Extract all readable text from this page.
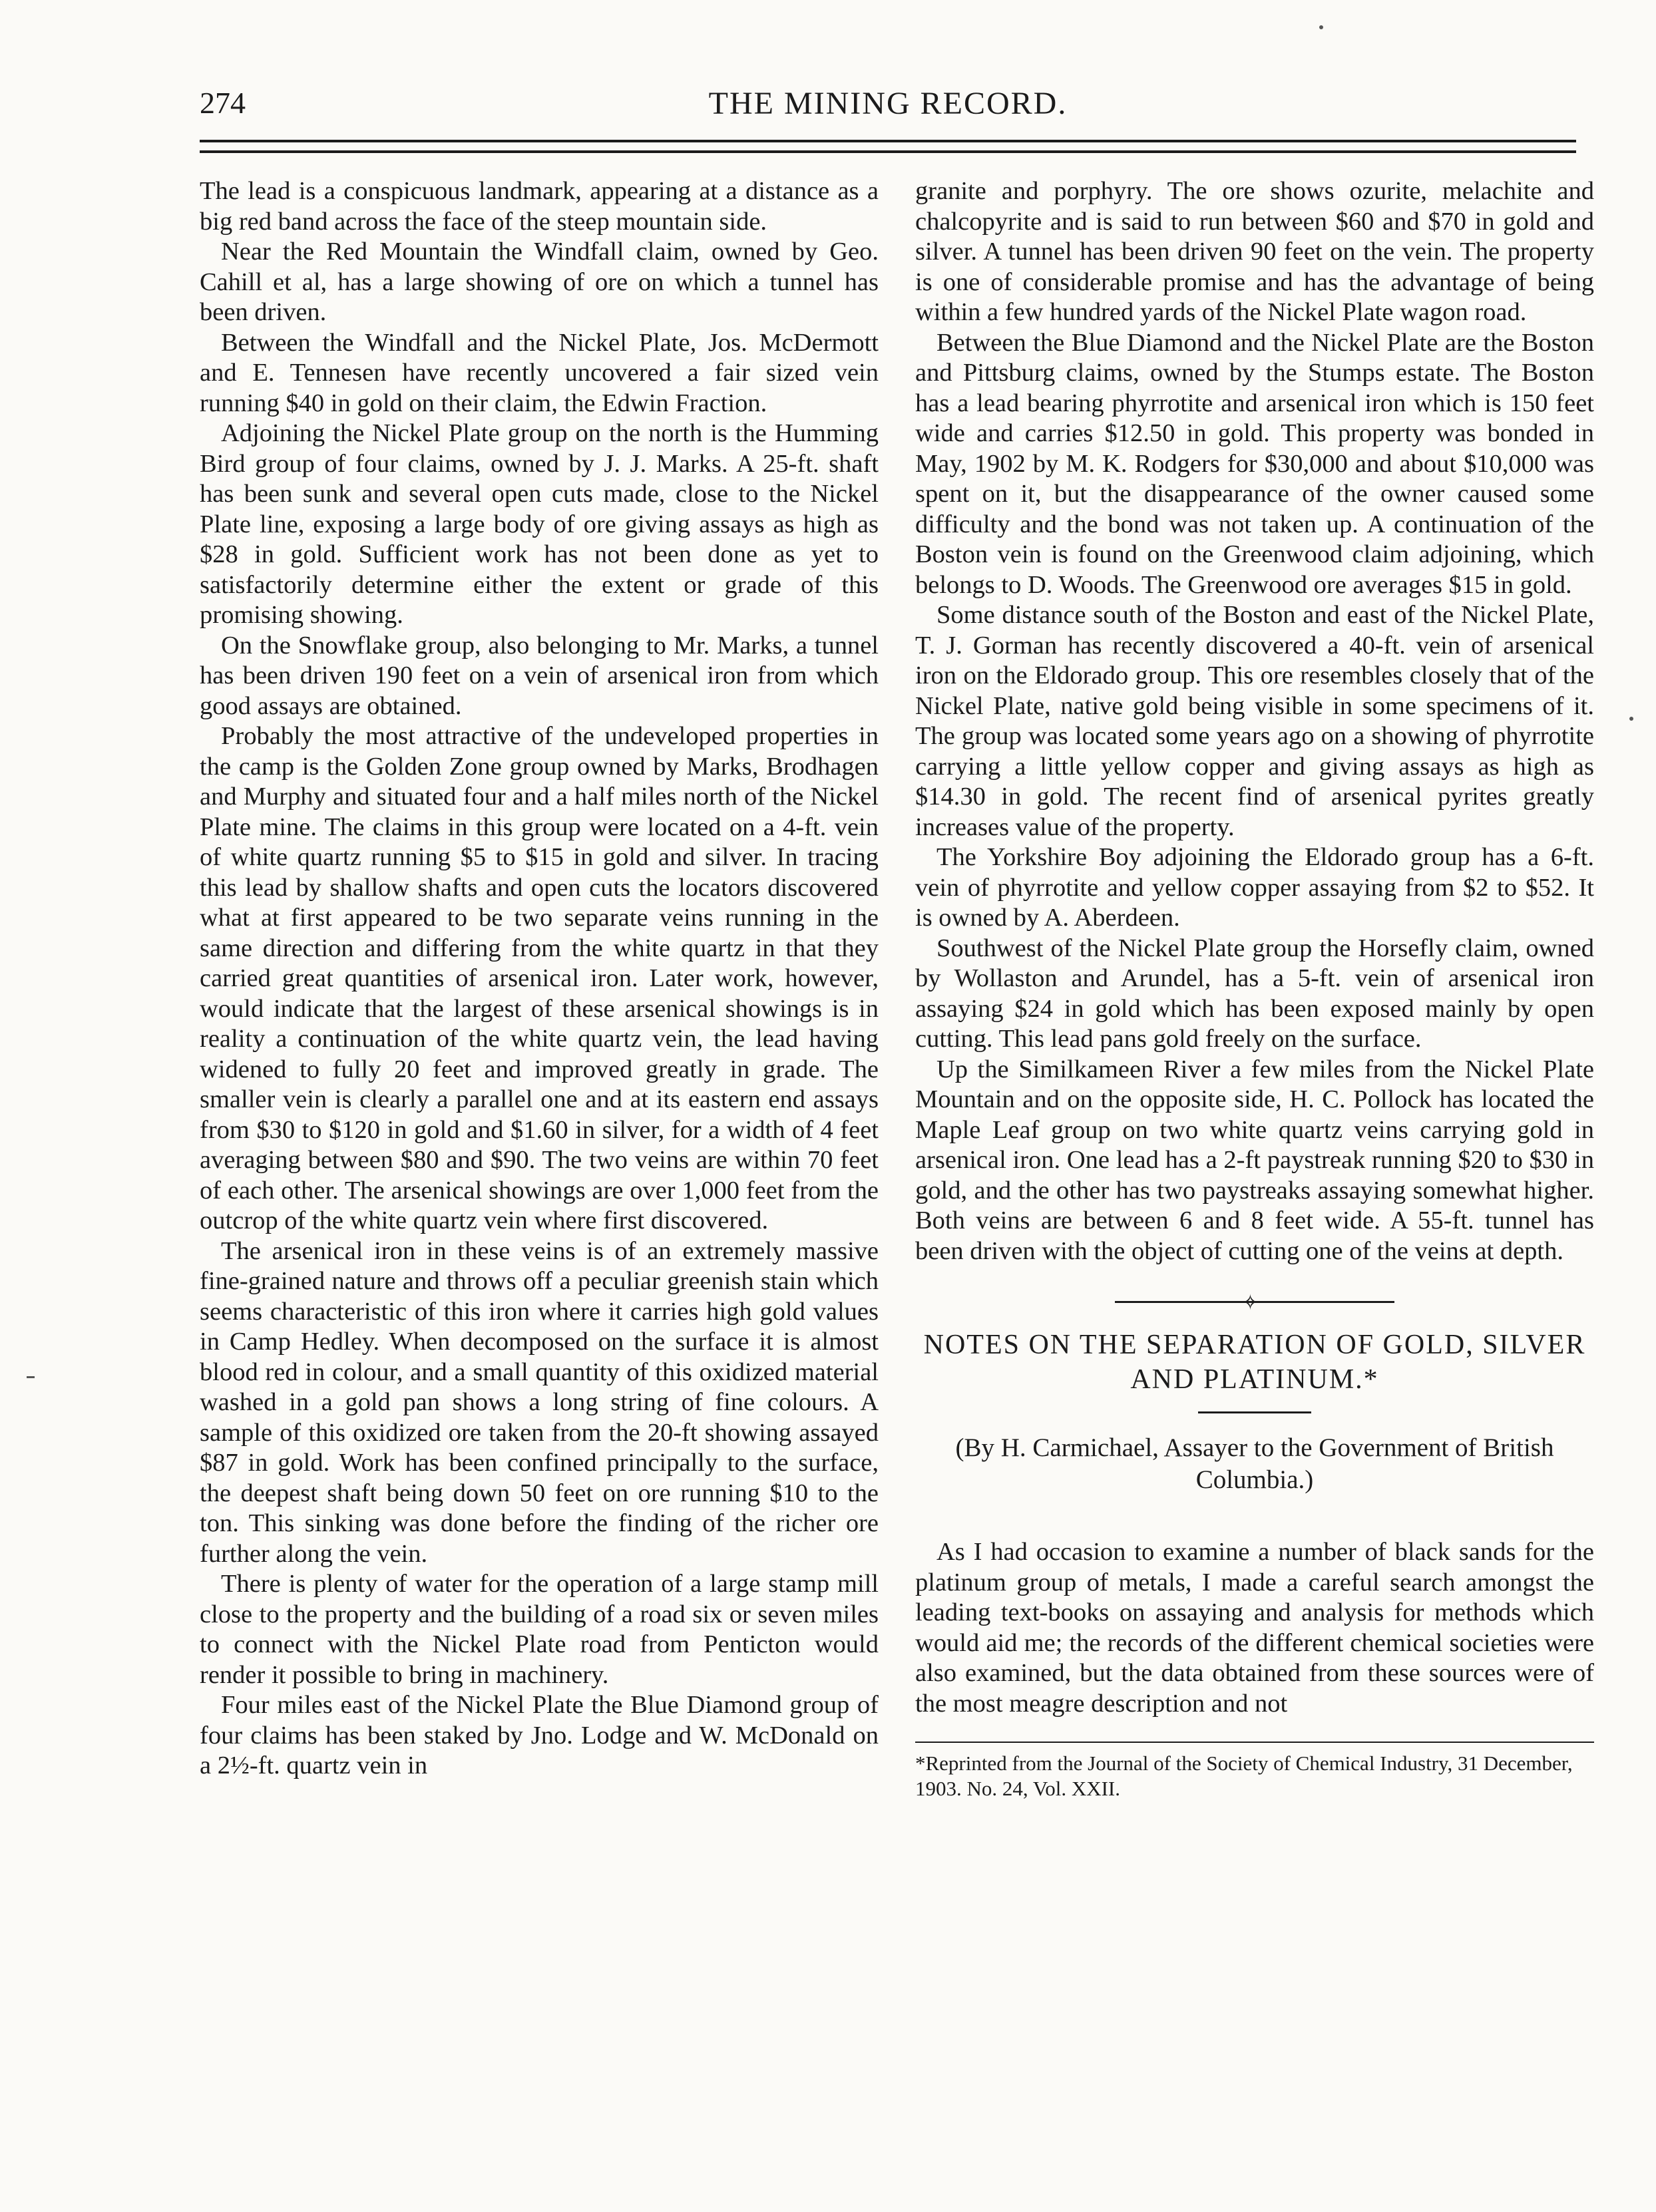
274	THE MINING RECORD.

The lead is a conspicuous landmark, appearing at a distance as a big red band across the face of the steep mountain side.

Near the Red Mountain the Windfall claim, owned by Geo. Cahill et al, has a large showing of ore on which a tunnel has been driven.

Between the Windfall and the Nickel Plate, Jos. McDermott and E. Tennesen have recently uncovered a fair sized vein running $40 in gold on their claim, the Edwin Fraction.

Adjoining the Nickel Plate group on the north is the Humming Bird group of four claims, owned by J. J. Marks. A 25-ft. shaft has been sunk and several open cuts made, close to the Nickel Plate line, exposing a large body of ore giving assays as high as $28 in gold. Sufficient work has not been done as yet to satisfactorily determine either the extent or grade of this promising showing.

On the Snowflake group, also belonging to Mr. Marks, a tunnel has been driven 190 feet on a vein of arsenical iron from which good assays are obtained.

Probably the most attractive of the undeveloped properties in the camp is the Golden Zone group owned by Marks, Brodhagen and Murphy and situated four and a half miles north of the Nickel Plate mine. The claims in this group were located on a 4-ft. vein of white quartz running $5 to $15 in gold and silver. In tracing this lead by shallow shafts and open cuts the locators discovered what at first appeared to be two separate veins running in the same direction and differing from the white quartz in that they carried great quantities of arsenical iron. Later work, however, would indicate that the largest of these arsenical showings is in reality a continuation of the white quartz vein, the lead having widened to fully 20 feet and improved greatly in grade. The smaller vein is clearly a parallel one and at its eastern end assays from $30 to $120 in gold and $1.60 in silver, for a width of 4 feet averaging between $80 and $90. The two veins are within 70 feet of each other. The arsenical showings are over 1,000 feet from the outcrop of the white quartz vein where first discovered.

The arsenical iron in these veins is of an extremely massive fine-grained nature and throws off a peculiar greenish stain which seems characteristic of this iron where it carries high gold values in Camp Hedley. When decomposed on the surface it is almost blood red in colour, and a small quantity of this oxidized material washed in a gold pan shows a long string of fine colours. A sample of this oxidized ore taken from the 20-ft showing assayed $87 in gold. Work has been confined principally to the surface, the deepest shaft being down 50 feet on ore running $10 to the ton. This sinking was done before the finding of the richer ore further along the vein.

There is plenty of water for the operation of a large stamp mill close to the property and the building of a road six or seven miles to connect with the Nickel Plate road from Penticton would render it possible to bring in machinery.

Four miles east of the Nickel Plate the Blue Diamond group of four claims has been staked by Jno. Lodge and W. McDonald on a 2½-ft. quartz vein in

granite and porphyry. The ore shows ozurite, melachite and chalcopyrite and is said to run between $60 and $70 in gold and silver. A tunnel has been driven 90 feet on the vein. The property is one of considerable promise and has the advantage of being within a few hundred yards of the Nickel Plate wagon road.

Between the Blue Diamond and the Nickel Plate are the Boston and Pittsburg claims, owned by the Stumps estate. The Boston has a lead bearing phyrrotite and arsenical iron which is 150 feet wide and carries $12.50 in gold. This property was bonded in May, 1902 by M. K. Rodgers for $30,000 and about $10,000 was spent on it, but the disappearance of the owner caused some difficulty and the bond was not taken up. A continuation of the Boston vein is found on the Greenwood claim adjoining, which belongs to D. Woods. The Greenwood ore averages $15 in gold.

Some distance south of the Boston and east of the Nickel Plate, T. J. Gorman has recently discovered a 40-ft. vein of arsenical iron on the Eldorado group. This ore resembles closely that of the Nickel Plate, native gold being visible in some specimens of it. The group was located some years ago on a showing of phyrrotite carrying a little yellow copper and giving assays as high as $14.30 in gold. The recent find of arsenical pyrites greatly increases value of the property.

The Yorkshire Boy adjoining the Eldorado group has a 6-ft. vein of phyrrotite and yellow copper assaying from $2 to $52. It is owned by A. Aberdeen.

Southwest of the Nickel Plate group the Horsefly claim, owned by Wollaston and Arundel, has a 5-ft. vein of arsenical iron assaying $24 in gold which has been exposed mainly by open cutting. This lead pans gold freely on the surface.

Up the Similkameen River a few miles from the Nickel Plate Mountain and on the opposite side, H. C. Pollock has located the Maple Leaf group on two white quartz veins carrying gold in arsenical iron. One lead has a 2-ft paystreak running $20 to $30 in gold, and the other has two paystreaks assaying somewhat higher. Both veins are between 6 and 8 feet wide. A 55-ft. tunnel has been driven with the object of cutting one of the veins at depth.

✧
NOTES ON THE SEPARATION OF GOLD, SILVER AND PLATINUM.*
(By H. Carmichael, Assayer to the Government of British Columbia.)

As I had occasion to examine a number of black sands for the platinum group of metals, I made a careful search amongst the leading text-books on assaying and analysis for methods which would aid me; the records of the different chemical societies were also examined, but the data obtained from these sources were of the most meagre description and not

*Reprinted from the Journal of the Society of Chemical Industry, 31 December, 1903. No. 24, Vol. XXII.
